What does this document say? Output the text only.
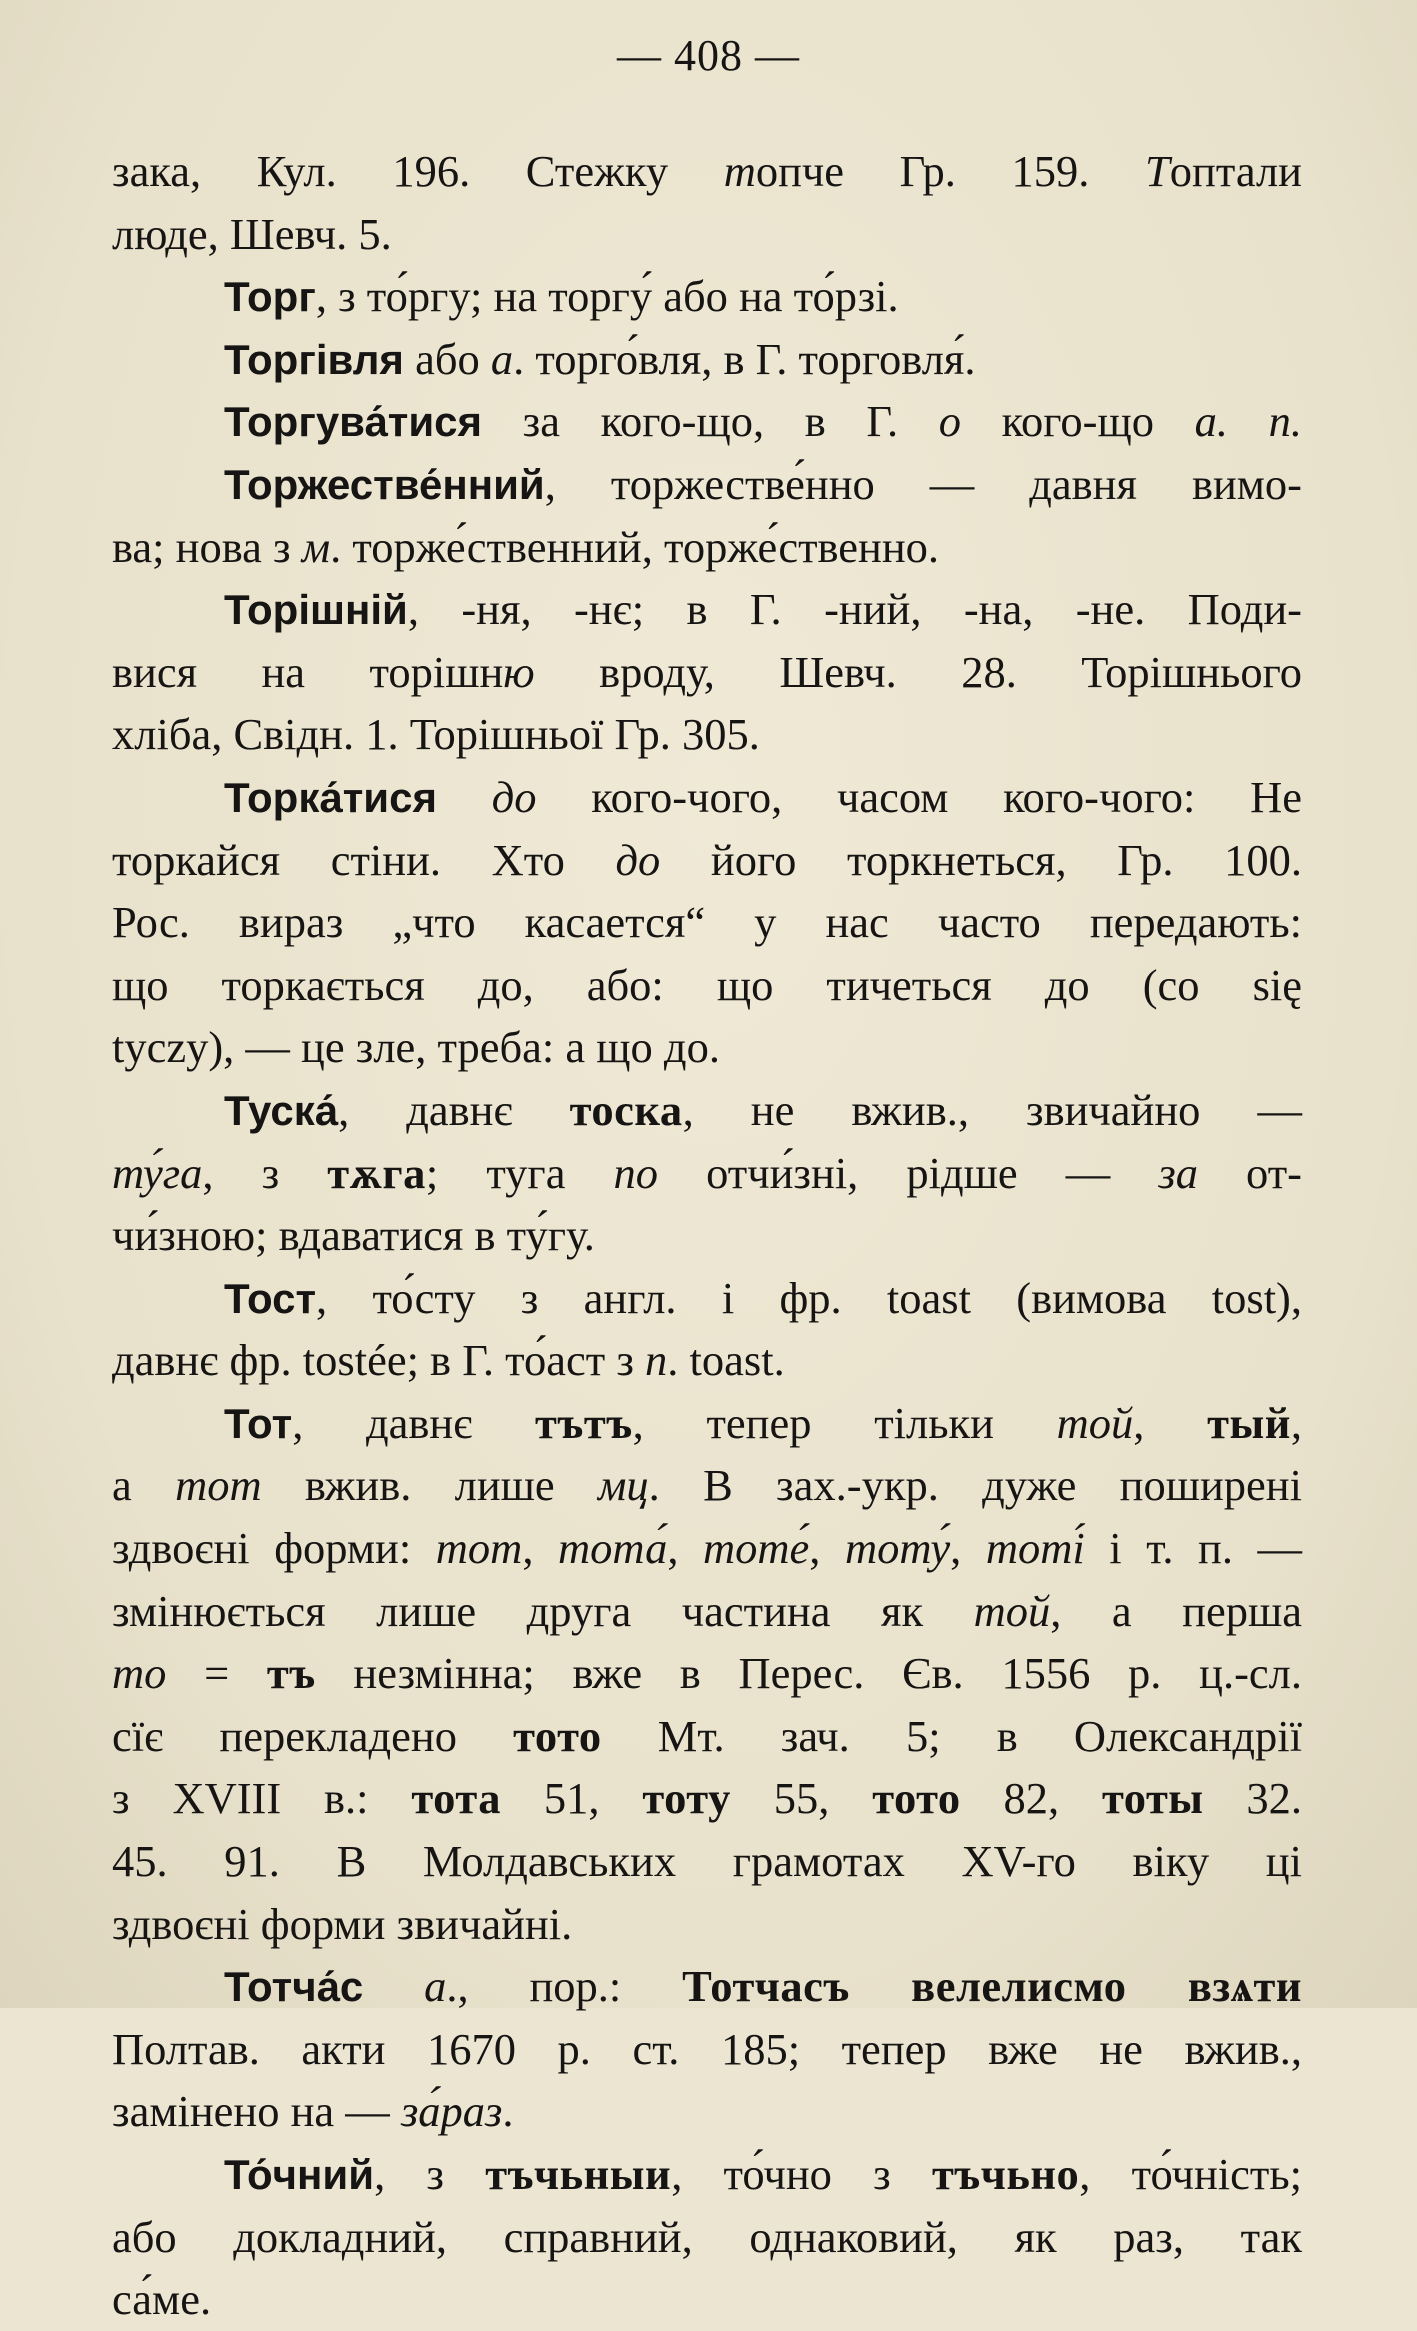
— 408 —
зака, Кул. 196. Стежку топче Гр. 159. Топтали
люде, Шевч. 5.
Торг, з то́ргу; на торгу́ або на то́рзі.
Торгівля або а. торго́вля, в Г. торговля́.
Торгува́тися за кого-що, в Г. о кого-що а. п.
Торжестве́нний, торжестве́нно — давня вимо-
ва; нова з м. торже́ственний, торже́ственно.
Торішній, -ня, -нє; в Г. -ний, -на, -не. Поди-
вися на торішню вроду, Шевч. 28. Торішнього
хліба, Свідн. 1. Торішньої Гр. 305.
Торка́тися до кого-чого, часом кого-чого: Не
торкайся стіни. Хто до його торкнеться, Гр. 100.
Рос. вираз „что касается“ у нас часто передають:
що торкається до, або: що тичеться до (co się
tyczy), — це зле, треба: а що до.
Туска́, давнє тоска, не вжив., звичайно —
ту́га, з тѫга; туга по отчи́зні, рідше — за от-
чи́зною; вдаватися в ту́гу.
Тост, то́сту з англ. і фр. toast (вимова tost),
давнє фр. tostée; в Г. то́аст з п. toast.
Тот, давнє тътъ, тепер тільки той, тый,
а тот вжив. лише мц. В зах.-укр. дуже поширені
здвоєні форми: тот, тота́, тоте́, тоту́, тоті́ і т. п. —
змінюється лише друга частина як той, а перша
то = тъ незмінна; вже в Перес. Єв. 1556 р. ц.-сл.
сїє перекладено тото Мт. зач. 5; в Олександрії
з XVIII в.: тота 51, тоту 55, тото 82, тоты 32.
45. 91. В Молдавських грамотах XV-го віку ці
здвоєні форми звичайні.
Тотча́с а., пор.: Тотчасъ велелисмо взѧти
Полтав. акти 1670 р. ст. 185; тепер вже не вжив.,
замінено на — за́раз.
То́чний, з тъчьныи, то́чно з тъчьно, то́чність;
або докладний, справний, однаковий, як раз, так
са́ме.
